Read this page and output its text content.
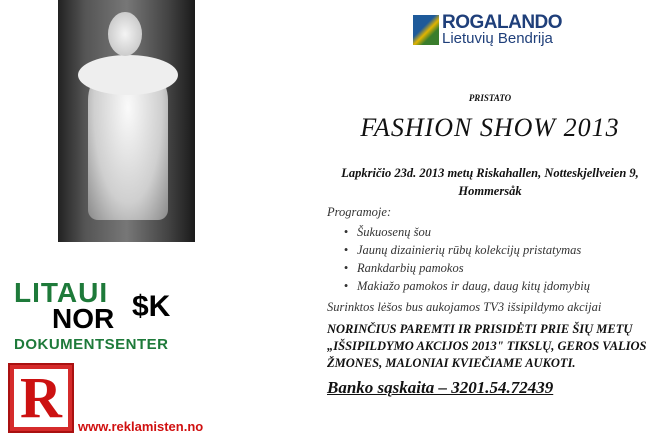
ROGALANDO
Lietuvių Bendrija
PRISTATO
FASHION SHOW 2013
Lapkričio 23d. 2013 metų Riskahallen, Notteskjellveien 9,
Hommersåk
Programoje:
• Šukuosenų šou
• Jaunų dizainierių rūbų kolekcijų pristatymas
• Rankdarbių pamokos
• Makiažo pamokos ir daug, daug kitų įdomybių
Surinktos lėšos bus aukojamos TV3 išsipildymo akcijai
NORINČIUS PAREMTI IR PRISIDĖTI PRIE ŠIŲ METŲ
„IŠSIPILDYMO AKCIJOS 2013" TIKSLŲ, GEROS VALIOS
ŽMONES, MALONIAI KVIEČIAME AUKOTI.
Banko sąskaita – 3201.54.72439
LITAUI
NOR $K
DOKUMENTSENTER
R	www.reklamisten.no
